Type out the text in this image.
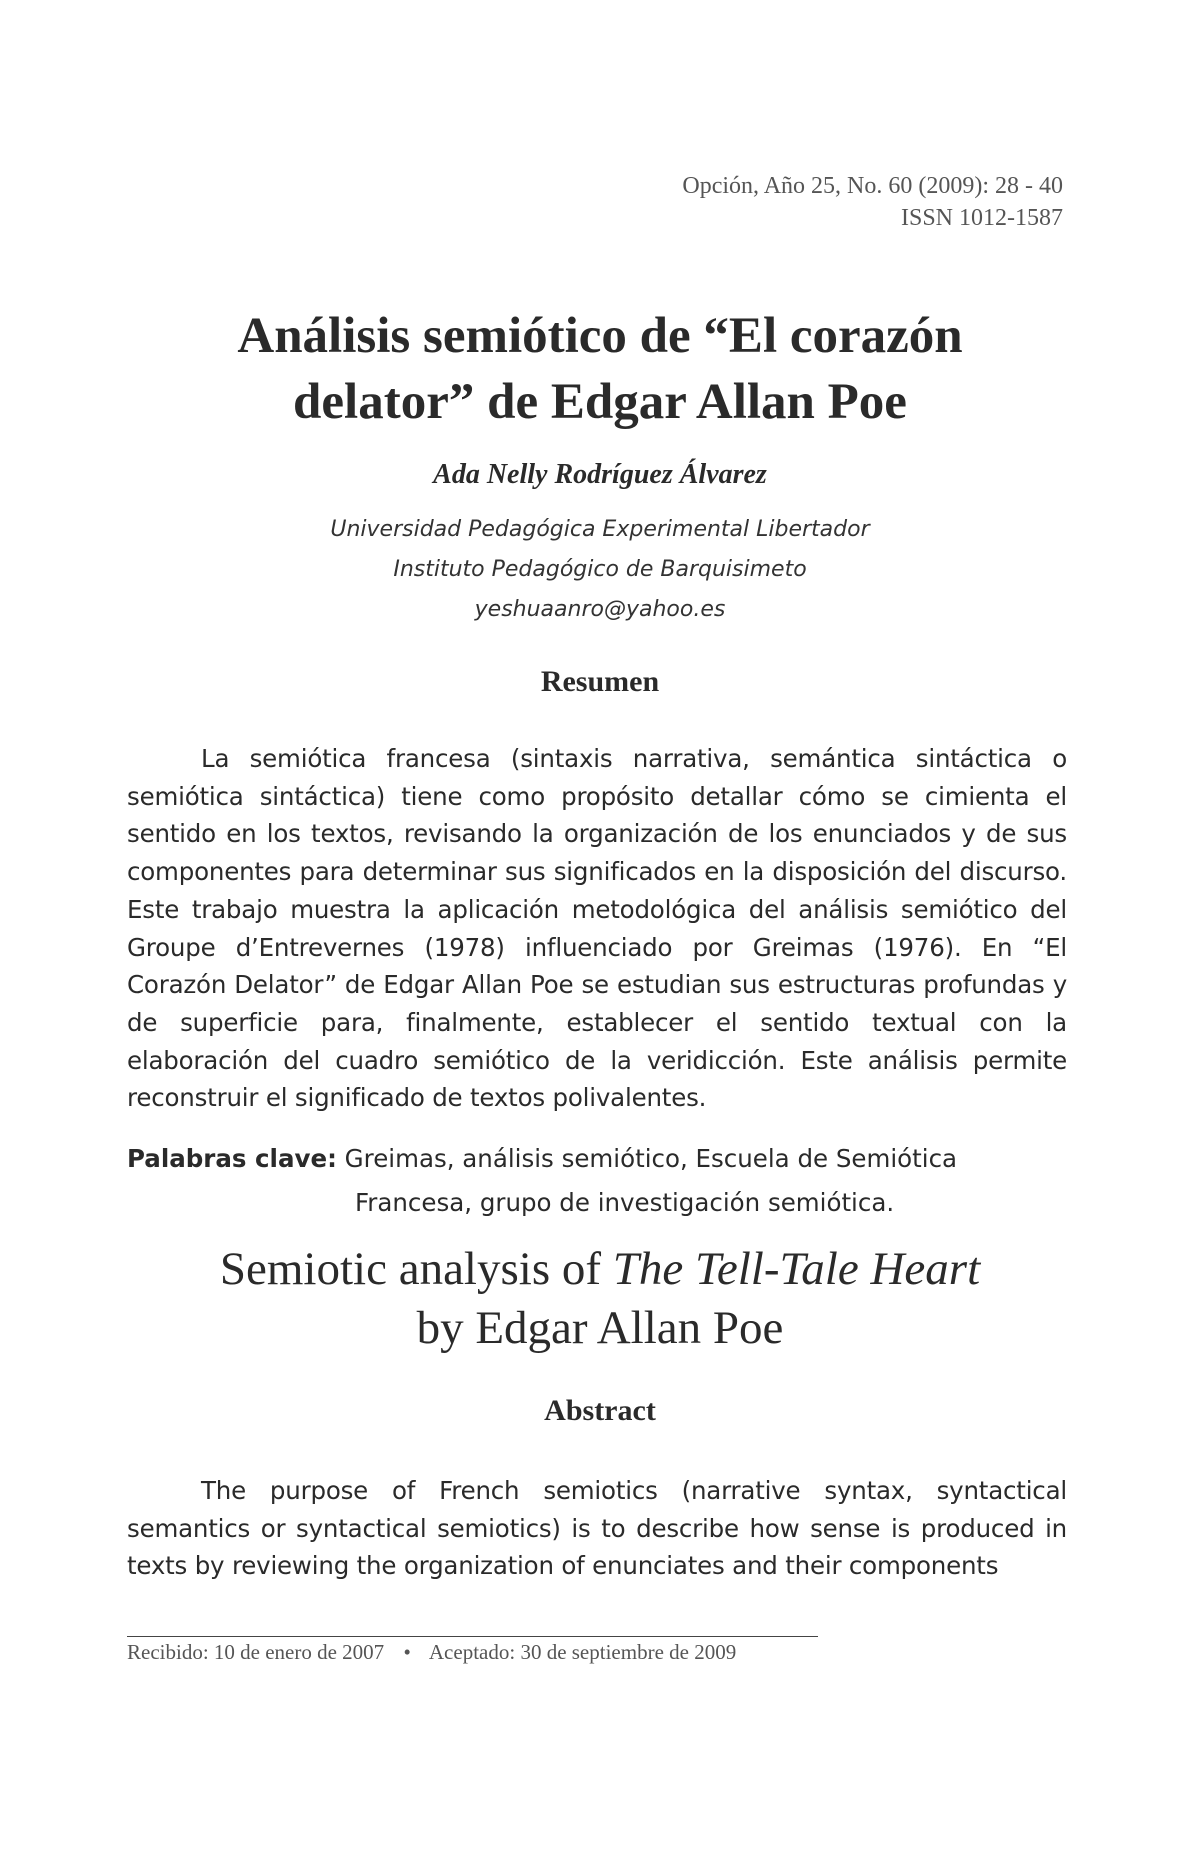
Opción, Año 25, No. 60 (2009): 28 - 40
ISSN 1012-1587
Análisis semiótico de “El corazón
delator” de Edgar Allan Poe
Ada Nelly Rodríguez Álvarez
Universidad Pedagógica Experimental Libertador
Instituto Pedagógico de Barquisimeto
yeshuaanro@yahoo.es
Resumen
La semiótica francesa (sintaxis narrativa, semántica sintáctica o semiótica sintáctica) tiene como propósito detallar cómo se cimienta el sentido en los textos, revisando la organización de los enunciados y de sus componentes para determinar sus significados en la disposición del discurso. Este trabajo muestra la aplicación metodológica del análisis semiótico del Groupe d’Entrevernes (1978) influenciado por Greimas (1976). En “El Corazón Delator” de Edgar Allan Poe se estudian sus estructuras profundas y de superficie para, finalmente, establecer el sentido textual con la elaboración del cuadro semiótico de la veridicción. Este análisis permite reconstruir el significado de textos polivalentes.
Palabras clave: Greimas, análisis semiótico, Escuela de Semiótica
Francesa, grupo de investigación semiótica.
Semiotic analysis of The Tell-Tale Heart
by Edgar Allan Poe
Abstract
The purpose of French semiotics (narrative syntax, syntactical semantics or syntactical semiotics) is to describe how sense is produced in texts by reviewing the organization of enunciates and their components
Recibido: 10 de enero de 2007 • Aceptado: 30 de septiembre de 2009
